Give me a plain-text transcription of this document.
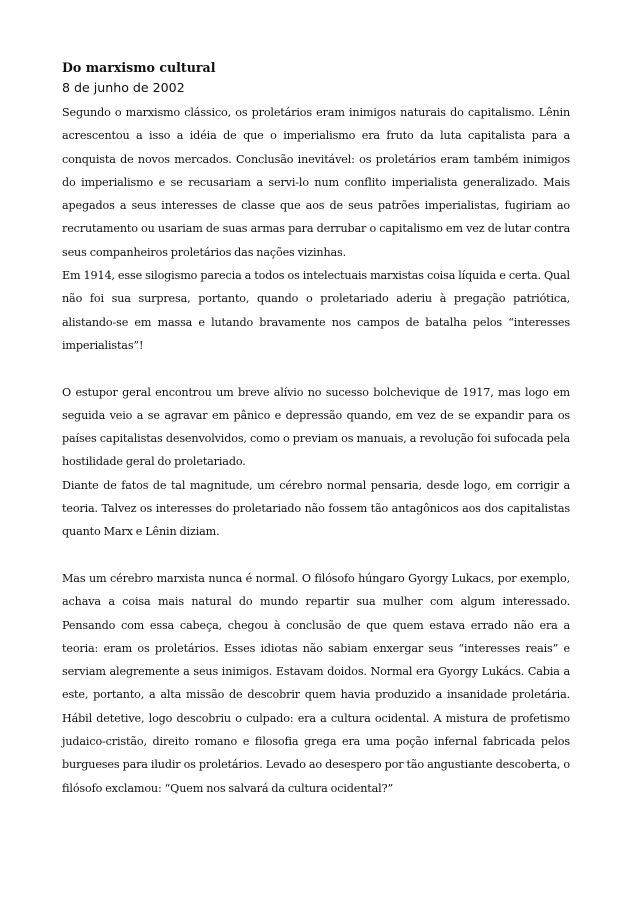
Do marxismo cultural

8 de junho de 2002

Segundo o marxismo clássico, os proletários eram inimigos naturais do capitalismo. Lênin acrescentou a isso a idéia de que o imperialismo era fruto da luta capitalista para a conquista de novos mercados. Conclusão inevitável: os proletários eram também inimigos do imperialismo e se recusariam a servi-lo num conflito imperialista generalizado. Mais apegados a seus interesses de classe que aos de seus patrões imperialistas, fugiriam ao recrutamento ou usariam de suas armas para derrubar o capitalismo em vez de lutar contra seus companheiros proletários das nações vizinhas.

Em 1914, esse silogismo parecia a todos os intelectuais marxistas coisa líquida e certa. Qual não foi sua surpresa, portanto, quando o proletariado aderiu à pregação patriótica, alistando-se em massa e lutando bravamente nos campos de batalha pelos “interesses imperialistas”!

O estupor geral encontrou um breve alívio no sucesso bolchevique de 1917, mas logo em seguida veio a se agravar em pânico e depressão quando, em vez de se expandir para os países capitalistas desenvolvidos, como o previam os manuais, a revolução foi sufocada pela hostilidade geral do proletariado.

Diante de fatos de tal magnitude, um cérebro normal pensaria, desde logo, em corrigir a teoria. Talvez os interesses do proletariado não fossem tão antagônicos aos dos capitalistas quanto Marx e Lênin diziam.

Mas um cérebro marxista nunca é normal. O filósofo húngaro Gyorgy Lukacs, por exemplo, achava a coisa mais natural do mundo repartir sua mulher com algum interessado. Pensando com essa cabeça, chegou à conclusão de que quem estava errado não era a teoria: eram os proletários. Esses idiotas não sabiam enxergar seus “interesses reais” e serviam alegremente a seus inimigos. Estavam doidos. Normal era Gyorgy Lukács. Cabia a este, portanto, a alta missão de descobrir quem havia produzido a insanidade proletária. Hábil detetive, logo descobriu o culpado: era a cultura ocidental. A mistura de profetismo judaico-cristão, direito romano e filosofia grega era uma poção infernal fabricada pelos burgueses para iludir os proletários. Levado ao desespero por tão angustiante descoberta, o filósofo exclamou: “Quem nos salvará da cultura ocidental?”
